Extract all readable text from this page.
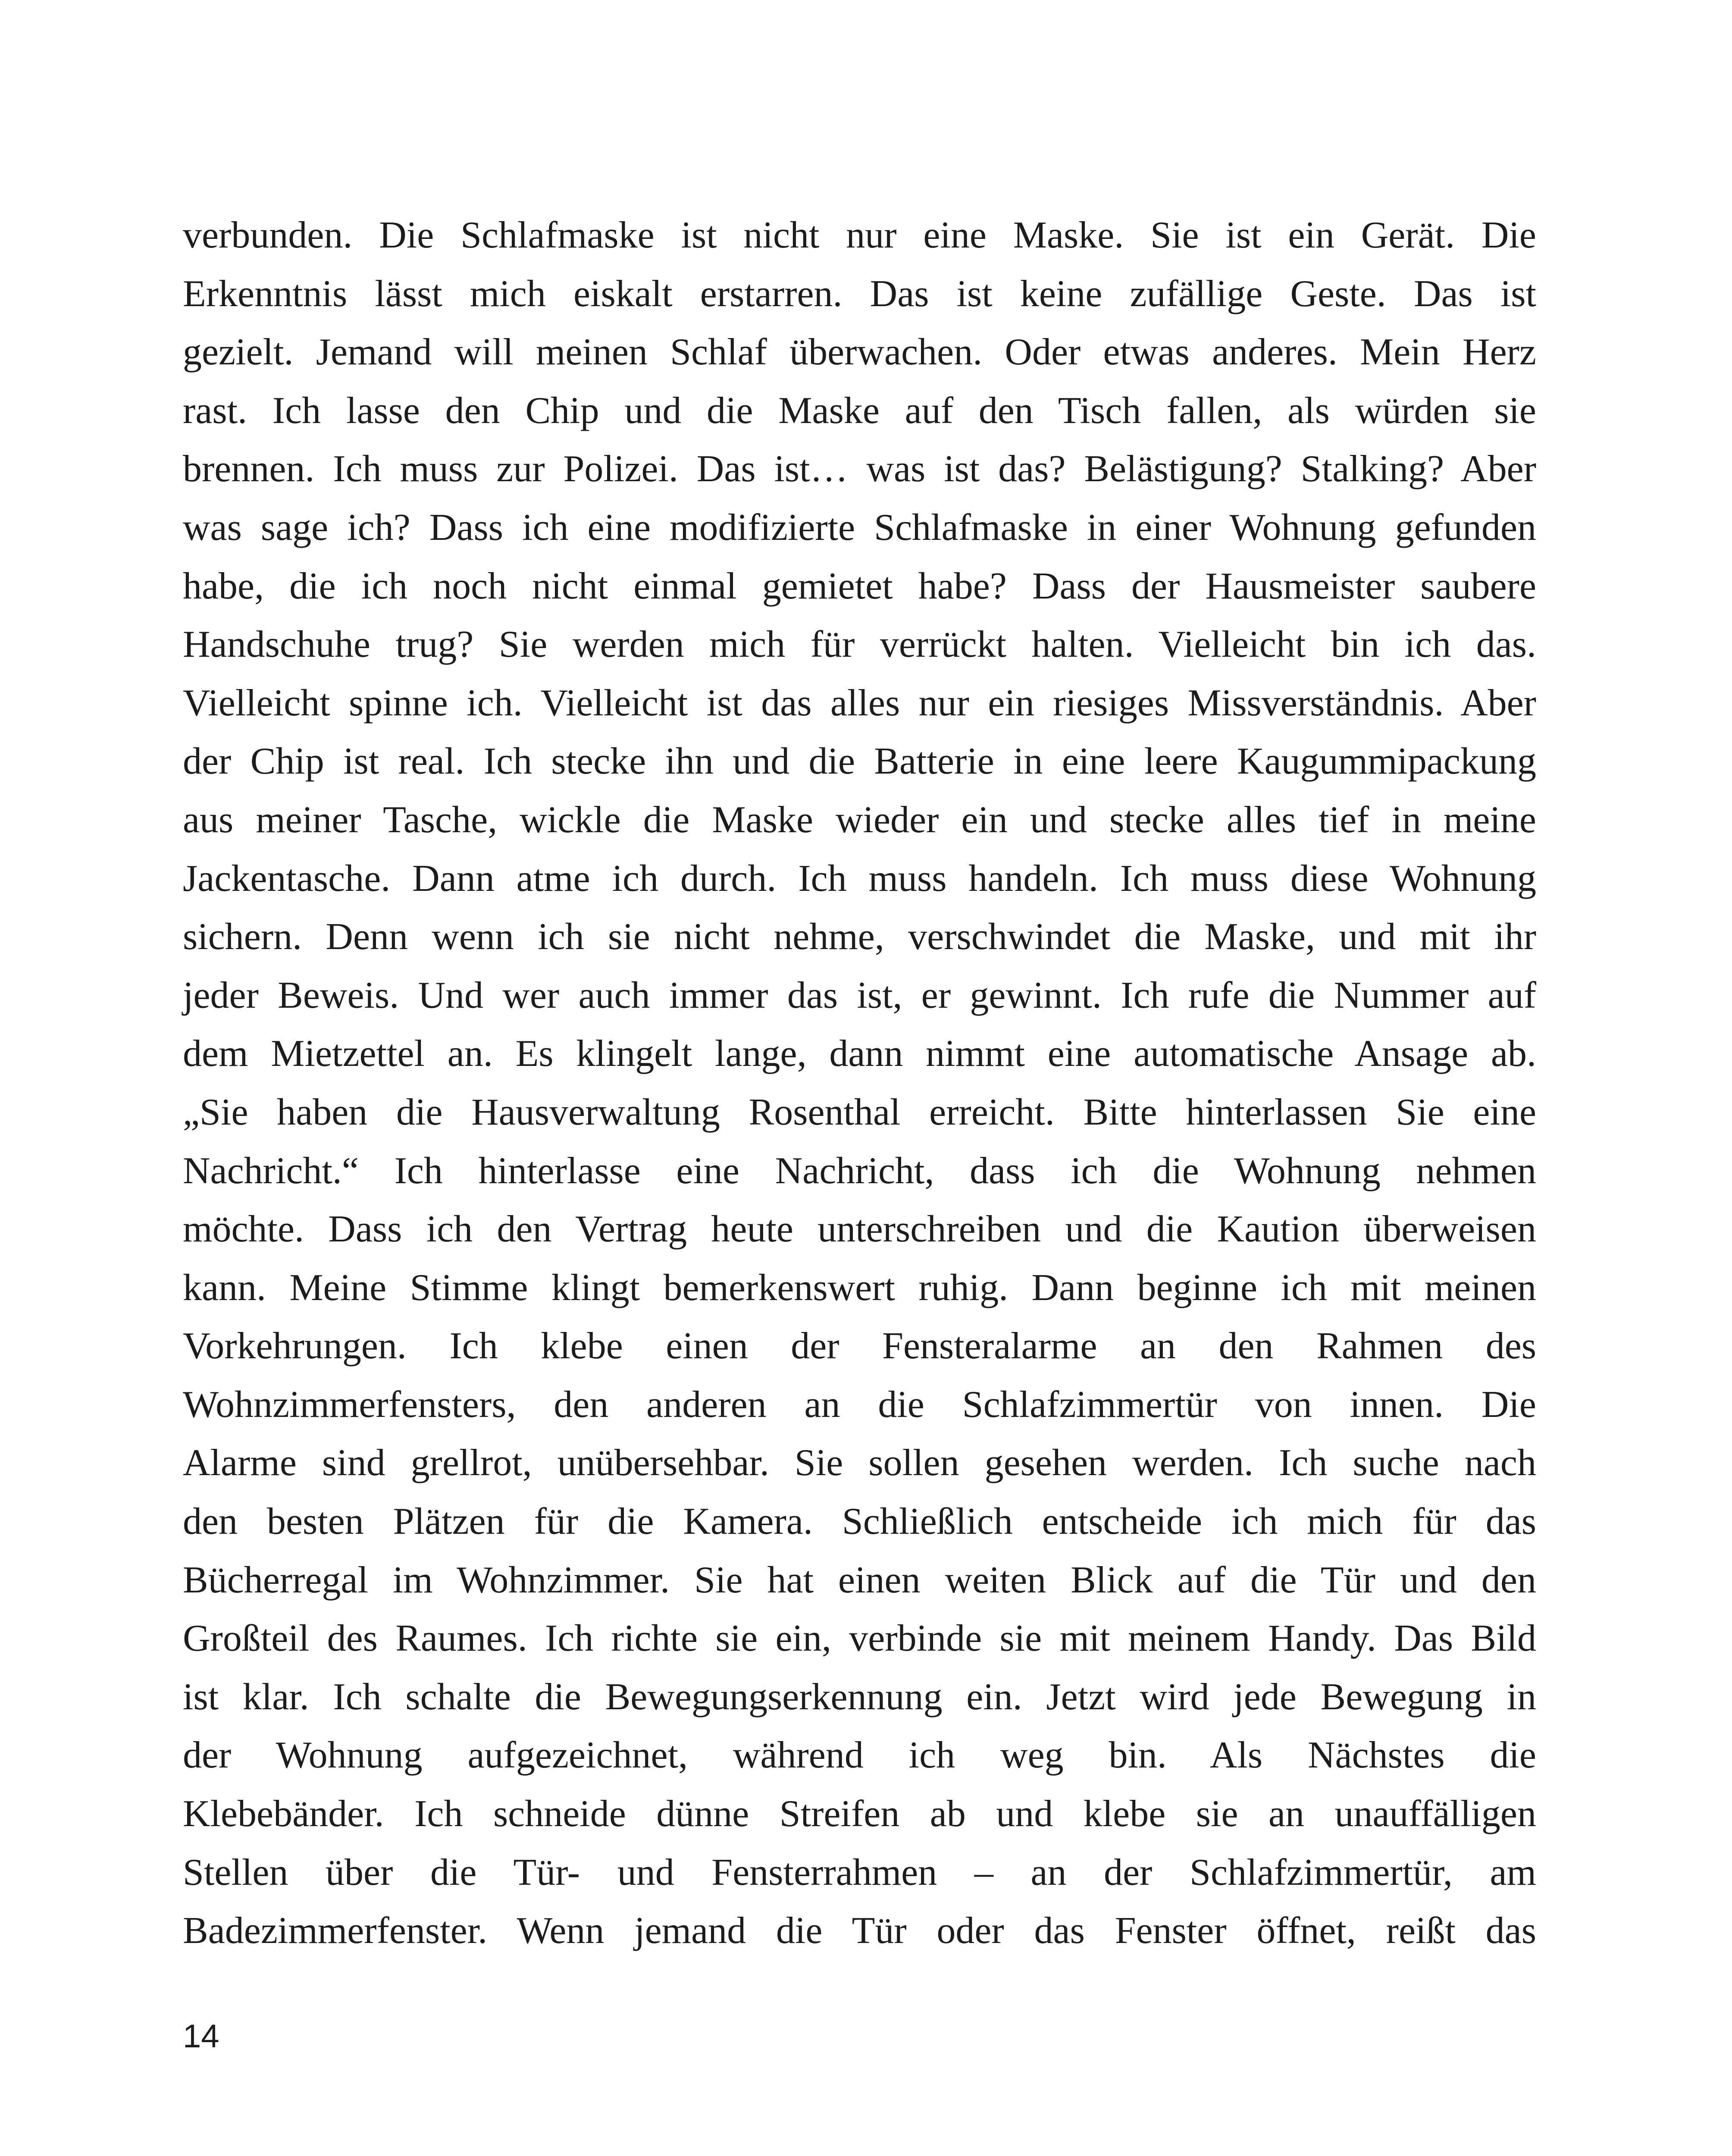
verbunden. Die Schlafmaske ist nicht nur eine Maske. Sie ist ein Gerät. Die
Erkenntnis lässt mich eiskalt erstarren. Das ist keine zufällige Geste. Das ist
gezielt. Jemand will meinen Schlaf überwachen. Oder etwas anderes. Mein Herz
rast. Ich lasse den Chip und die Maske auf den Tisch fallen, als würden sie
brennen. Ich muss zur Polizei. Das ist… was ist das? Belästigung? Stalking? Aber
was sage ich? Dass ich eine modifizierte Schlafmaske in einer Wohnung gefunden
habe, die ich noch nicht einmal gemietet habe? Dass der Hausmeister saubere
Handschuhe trug? Sie werden mich für verrückt halten. Vielleicht bin ich das.
Vielleicht spinne ich. Vielleicht ist das alles nur ein riesiges Missverständnis. Aber
der Chip ist real. Ich stecke ihn und die Batterie in eine leere Kaugummipackung
aus meiner Tasche, wickle die Maske wieder ein und stecke alles tief in meine
Jackentasche. Dann atme ich durch. Ich muss handeln. Ich muss diese Wohnung
sichern. Denn wenn ich sie nicht nehme, verschwindet die Maske, und mit ihr
jeder Beweis. Und wer auch immer das ist, er gewinnt. Ich rufe die Nummer auf
dem Mietzettel an. Es klingelt lange, dann nimmt eine automatische Ansage ab.
„Sie haben die Hausverwaltung Rosenthal erreicht. Bitte hinterlassen Sie eine
Nachricht.“ Ich hinterlasse eine Nachricht, dass ich die Wohnung nehmen
möchte. Dass ich den Vertrag heute unterschreiben und die Kaution überweisen
kann. Meine Stimme klingt bemerkenswert ruhig. Dann beginne ich mit meinen
Vorkehrungen. Ich klebe einen der Fensteralarme an den Rahmen des
Wohnzimmerfensters, den anderen an die Schlafzimmertür von innen. Die
Alarme sind grellrot, unübersehbar. Sie sollen gesehen werden. Ich suche nach
den besten Plätzen für die Kamera. Schließlich entscheide ich mich für das
Bücherregal im Wohnzimmer. Sie hat einen weiten Blick auf die Tür und den
Großteil des Raumes. Ich richte sie ein, verbinde sie mit meinem Handy. Das Bild
ist klar. Ich schalte die Bewegungserkennung ein. Jetzt wird jede Bewegung in
der Wohnung aufgezeichnet, während ich weg bin. Als Nächstes die
Klebebänder. Ich schneide dünne Streifen ab und klebe sie an unauffälligen
Stellen über die Tür- und Fensterrahmen – an der Schlafzimmertür, am
Badezimmerfenster. Wenn jemand die Tür oder das Fenster öffnet, reißt das
14
